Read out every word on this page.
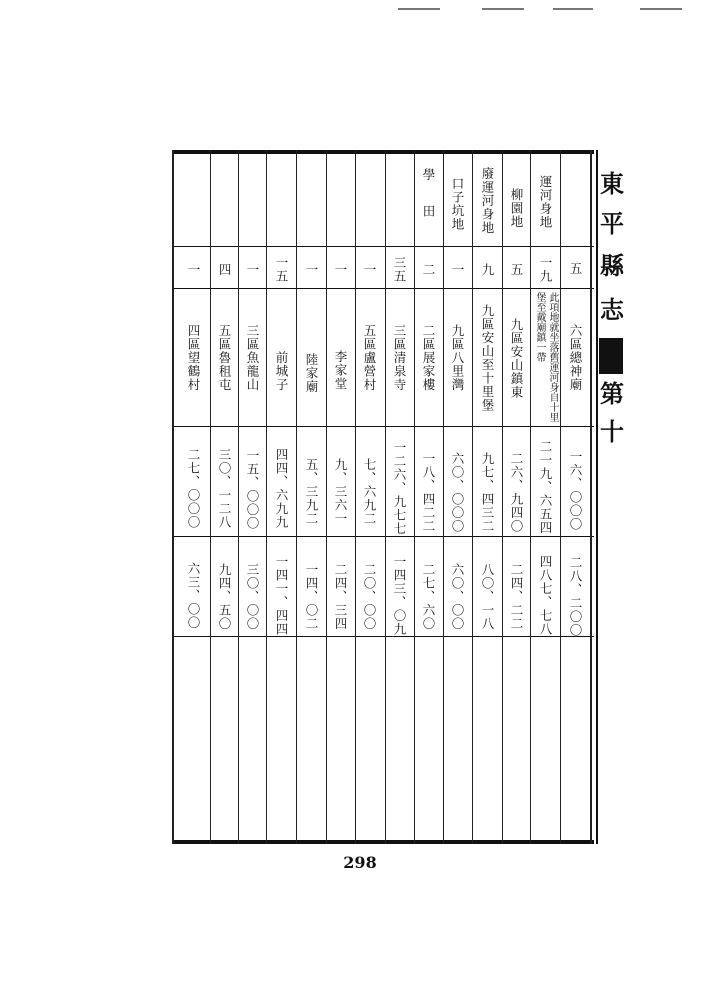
東
平
縣
志
第
十
五
六區總神廟
一六、〇〇〇
二八、二〇〇
運河身地
一九
此項地就坐落舊運河身自十里堡至戴廟鎮一帶
二一九、六五四
四八七、七八
柳園地
五
九區安山鎮東
二六、九四〇
二四、二二
廢運河身地
九
九區安山至十里堡
九七、四三二
八〇、一八
口子坑地
一
九區八里灣
六〇、〇〇〇
六〇、〇〇
學田
二
二區展家樓
一八、四二二
二七、六〇
三五
三區清泉寺
一二六、九七七
一四三、〇九
一
五區盧營村
七、六九二
二〇、〇〇
一
李家堂
九、三六一
二四、三四
一
陸家廟
五、三九二
一四、〇二
一五
前城子
四四、六九九
一四一、四四
一
三區魚龍山
一五、〇〇〇
三〇、〇〇
四
五區魯租屯
三〇、一二八
九四、五〇
一
四區望鶴村
二七、〇〇〇
六三、〇〇
298
